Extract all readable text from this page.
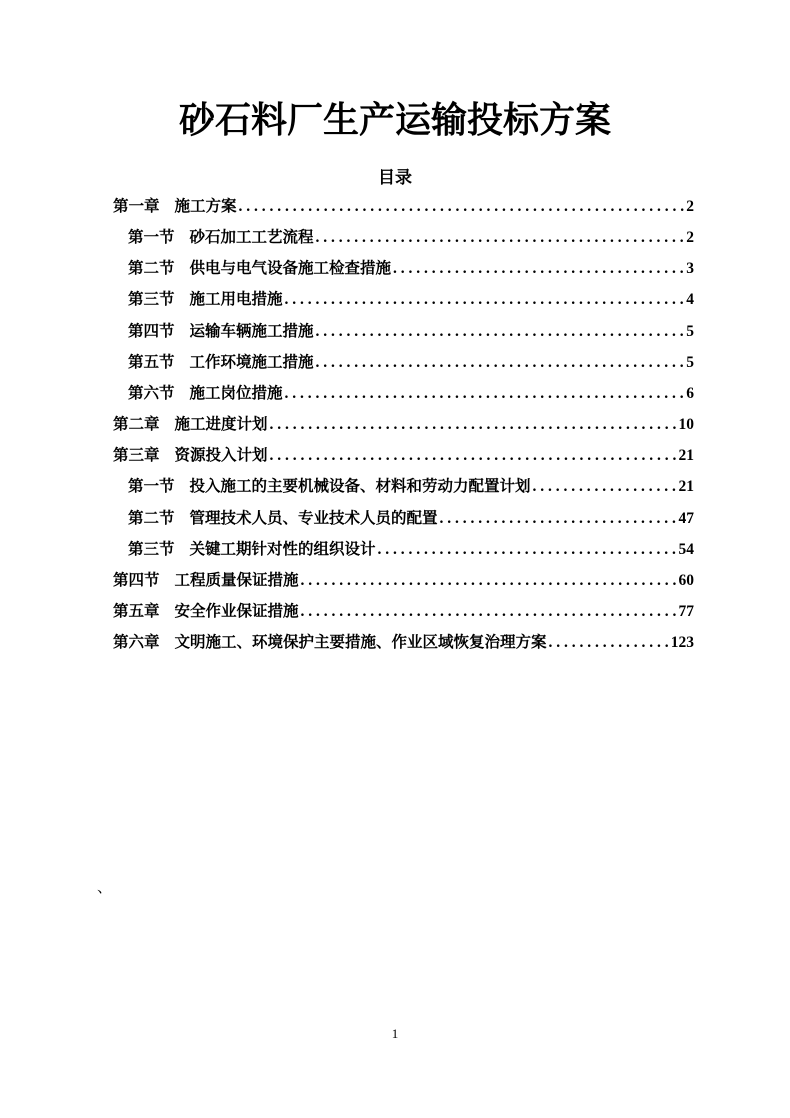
砂石料厂生产运输投标方案
目录
第一章 施工方案 . . .	2
第一节 砂石加工工艺流程 . . .	2
第二节 供电与电气设备施工检查措施 . . .	3
第三节 施工用电措施 . . .	4
第四节 运输车辆施工措施 . . .	5
第五节 工作环境施工措施 . . .	5
第六节 施工岗位措施 . . .	6
第二章 施工进度计划 . . .	10
第三章 资源投入计划 . . .	21
第一节 投入施工的主要机械设备、材料和劳动力配置计划 . . .	21
第二节 管理技术人员、专业技术人员的配置 . . .	47
第三节 关键工期针对性的组织设计 . . .	54
第四节 工程质量保证措施 . . .	60
第五章 安全作业保证措施 . . .	77
第六章 文明施工、环境保护主要措施、作业区域恢复治理方案 . . .	123
、
1
